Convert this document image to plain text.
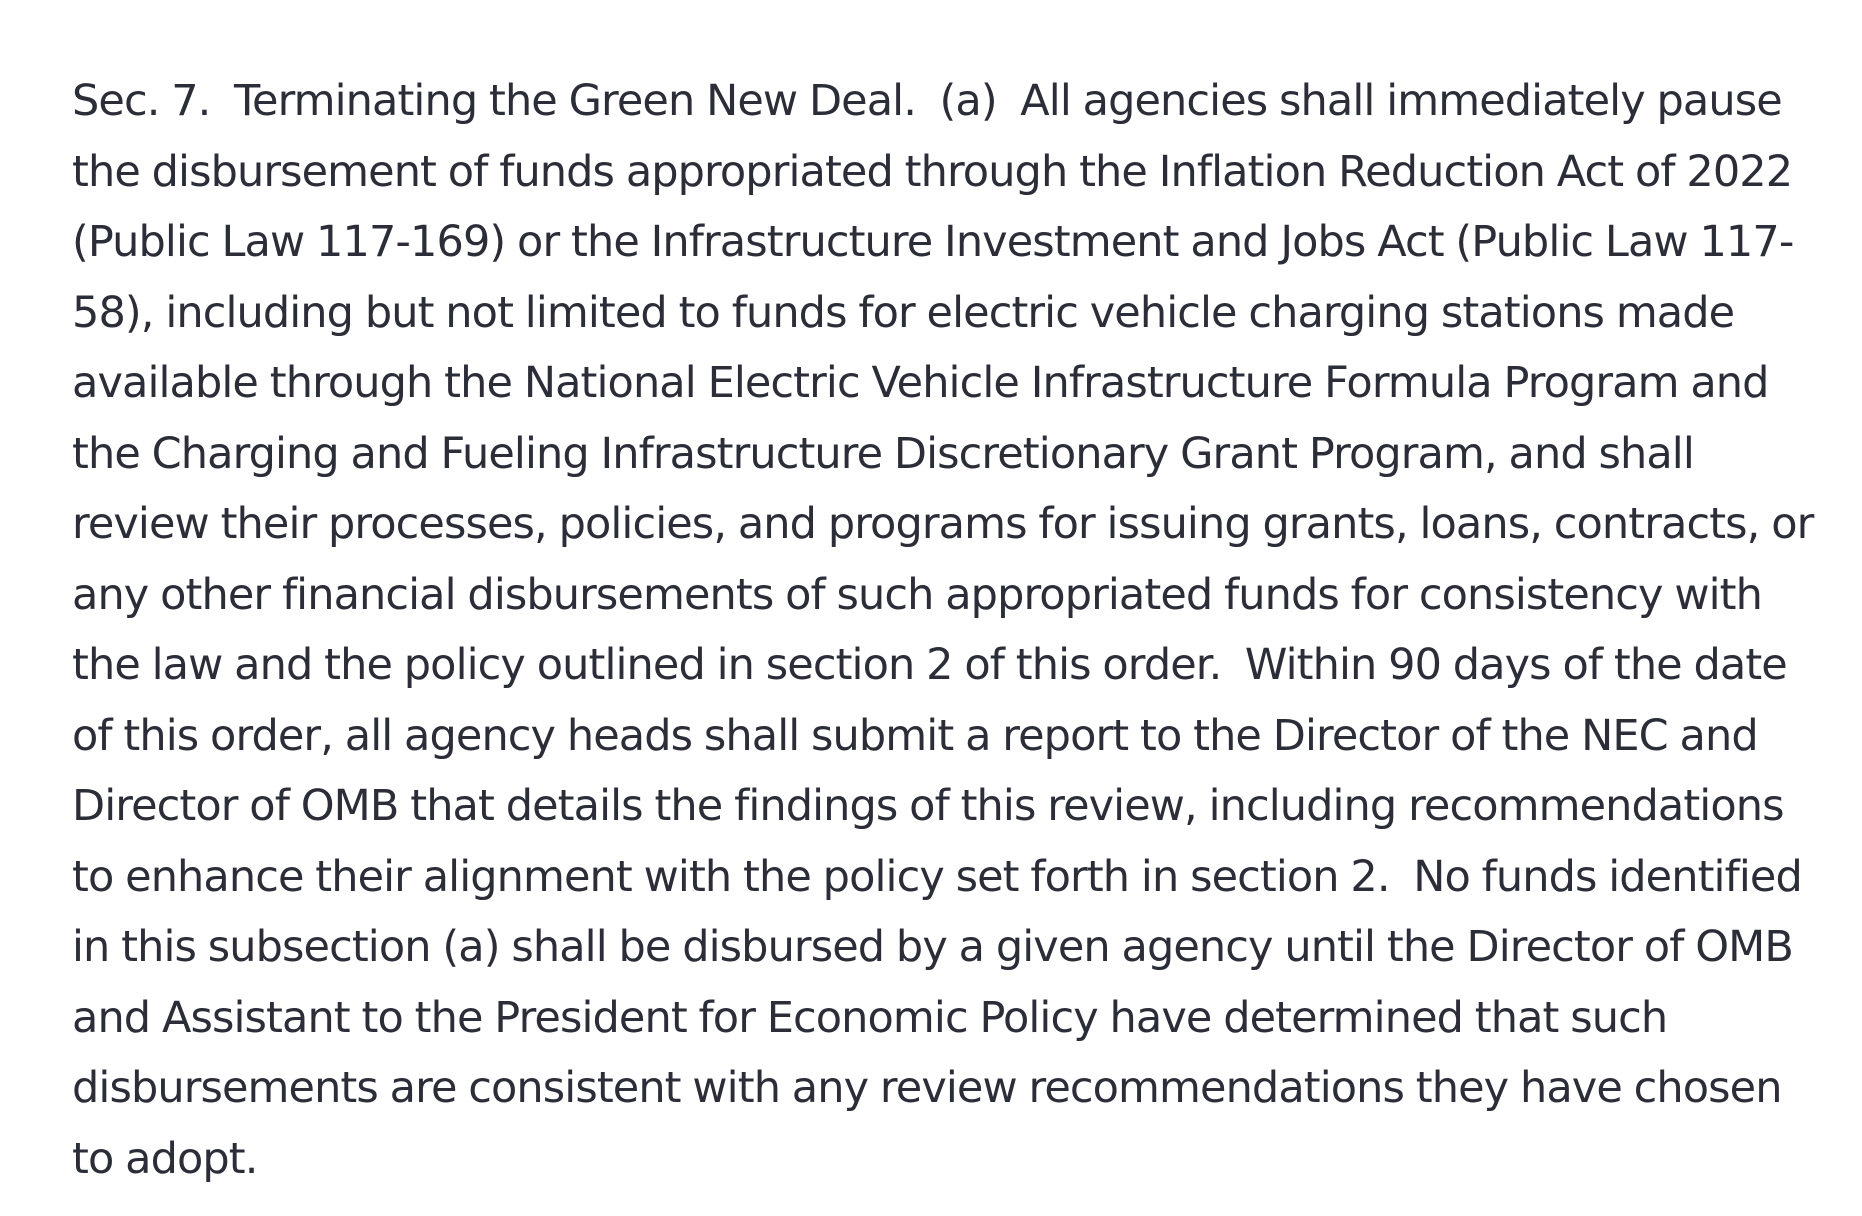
Sec. 7.  Terminating the Green New Deal.  (a)  All agencies shall immediately pause
the disbursement of funds appropriated through the Inflation Reduction Act of 2022
(Public Law 117-169) or the Infrastructure Investment and Jobs Act (Public Law 117-
58), including but not limited to funds for electric vehicle charging stations made
available through the National Electric Vehicle Infrastructure Formula Program and
the Charging and Fueling Infrastructure Discretionary Grant Program, and shall
review their processes, policies, and programs for issuing grants, loans, contracts, or
any other financial disbursements of such appropriated funds for consistency with
the law and the policy outlined in section 2 of this order.  Within 90 days of the date
of this order, all agency heads shall submit a report to the Director of the NEC and
Director of OMB that details the findings of this review, including recommendations
to enhance their alignment with the policy set forth in section 2.  No funds identified
in this subsection (a) shall be disbursed by a given agency until the Director of OMB
and Assistant to the President for Economic Policy have determined that such
disbursements are consistent with any review recommendations they have chosen
to adopt.
